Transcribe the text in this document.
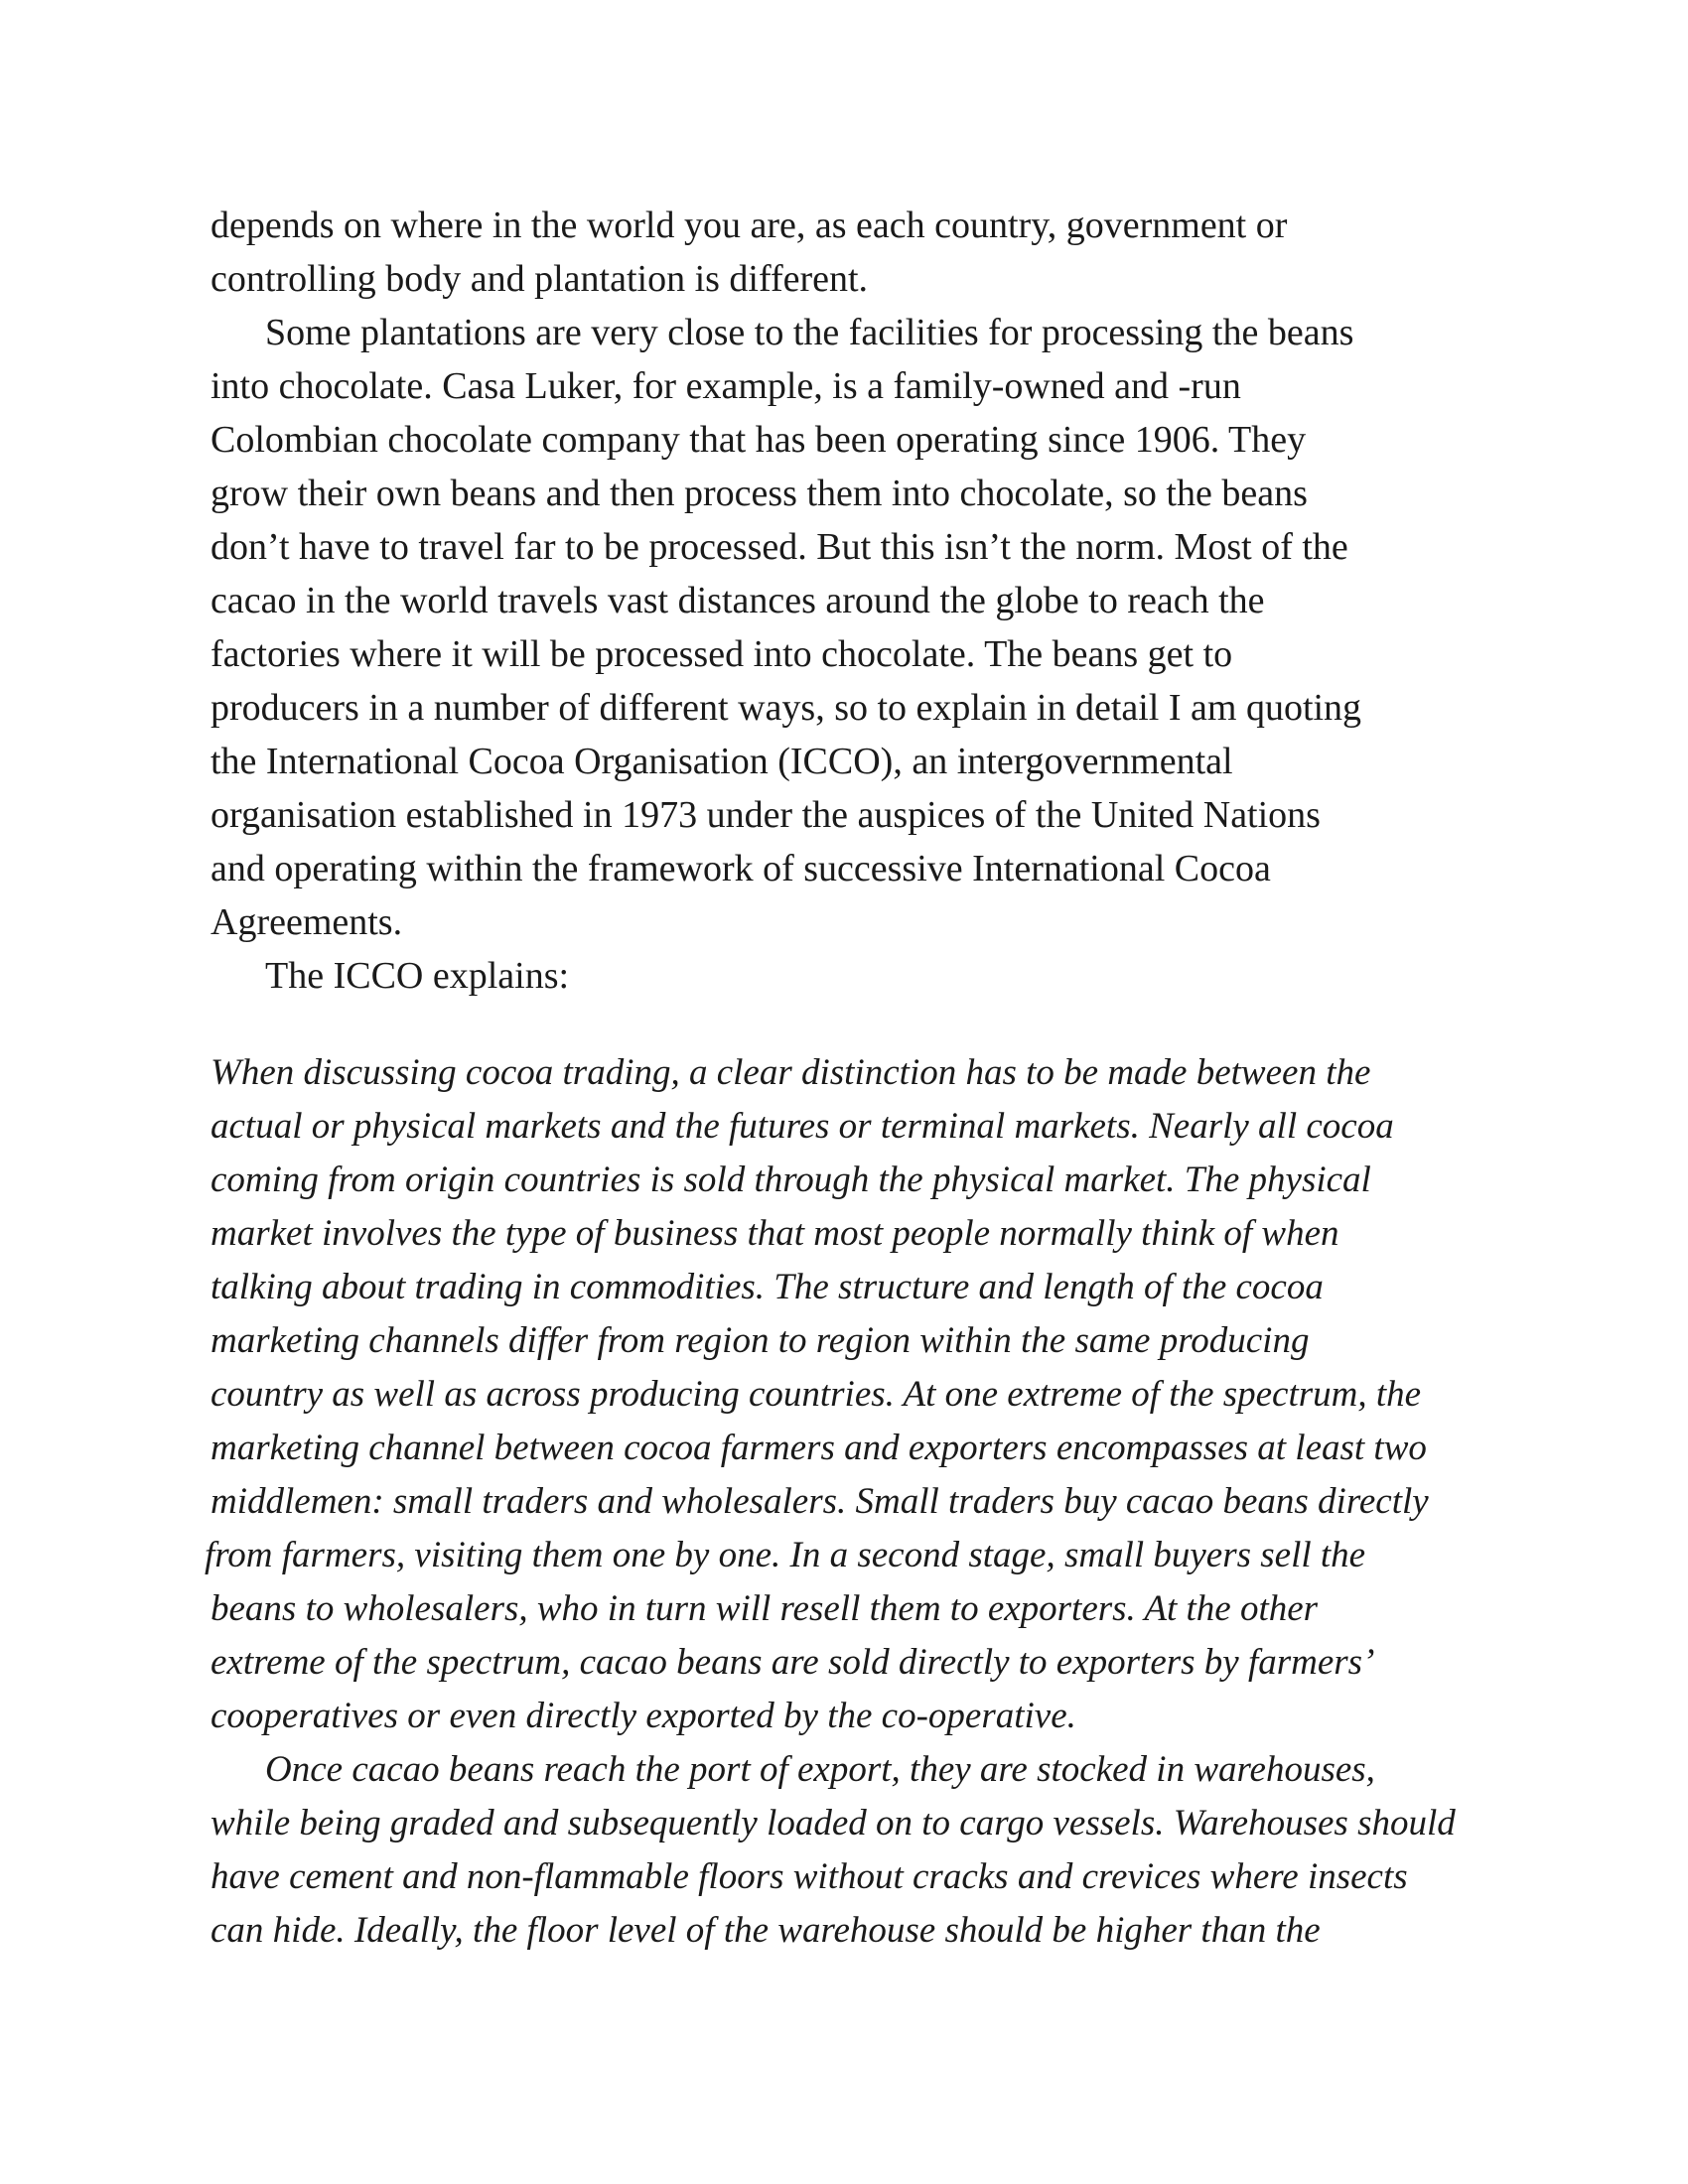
depends on where in the world you are, as each country, government or
controlling body and plantation is different.
Some plantations are very close to the facilities for processing the beans
into chocolate. Casa Luker, for example, is a family-owned and -run
Colombian chocolate company that has been operating since 1906. They
grow their own beans and then process them into chocolate, so the beans
don’t have to travel far to be processed. But this isn’t the norm. Most of the
cacao in the world travels vast distances around the globe to reach the
factories where it will be processed into chocolate. The beans get to
producers in a number of different ways, so to explain in detail I am quoting
the International Cocoa Organisation (ICCO), an intergovernmental
organisation established in 1973 under the auspices of the United Nations
and operating within the framework of successive International Cocoa
Agreements.
The ICCO explains:
When discussing cocoa trading, a clear distinction has to be made between the
actual or physical markets and the futures or terminal markets. Nearly all cocoa
coming from origin countries is sold through the physical market. The physical
market involves the type of business that most people normally think of when
talking about trading in commodities. The structure and length of the cocoa
marketing channels differ from region to region within the same producing
country as well as across producing countries. At one extreme of the spectrum, the
marketing channel between cocoa farmers and exporters encompasses at least two
middlemen: small traders and wholesalers. Small traders buy cacao beans directly
from farmers, visiting them one by one. In a second stage, small buyers sell the
beans to wholesalers, who in turn will resell them to exporters. At the other
extreme of the spectrum, cacao beans are sold directly to exporters by farmers’
cooperatives or even directly exported by the co-operative.
Once cacao beans reach the port of export, they are stocked in warehouses,
while being graded and subsequently loaded on to cargo vessels. Warehouses should
have cement and non-flammable floors without cracks and crevices where insects
can hide. Ideally, the floor level of the warehouse should be higher than the
